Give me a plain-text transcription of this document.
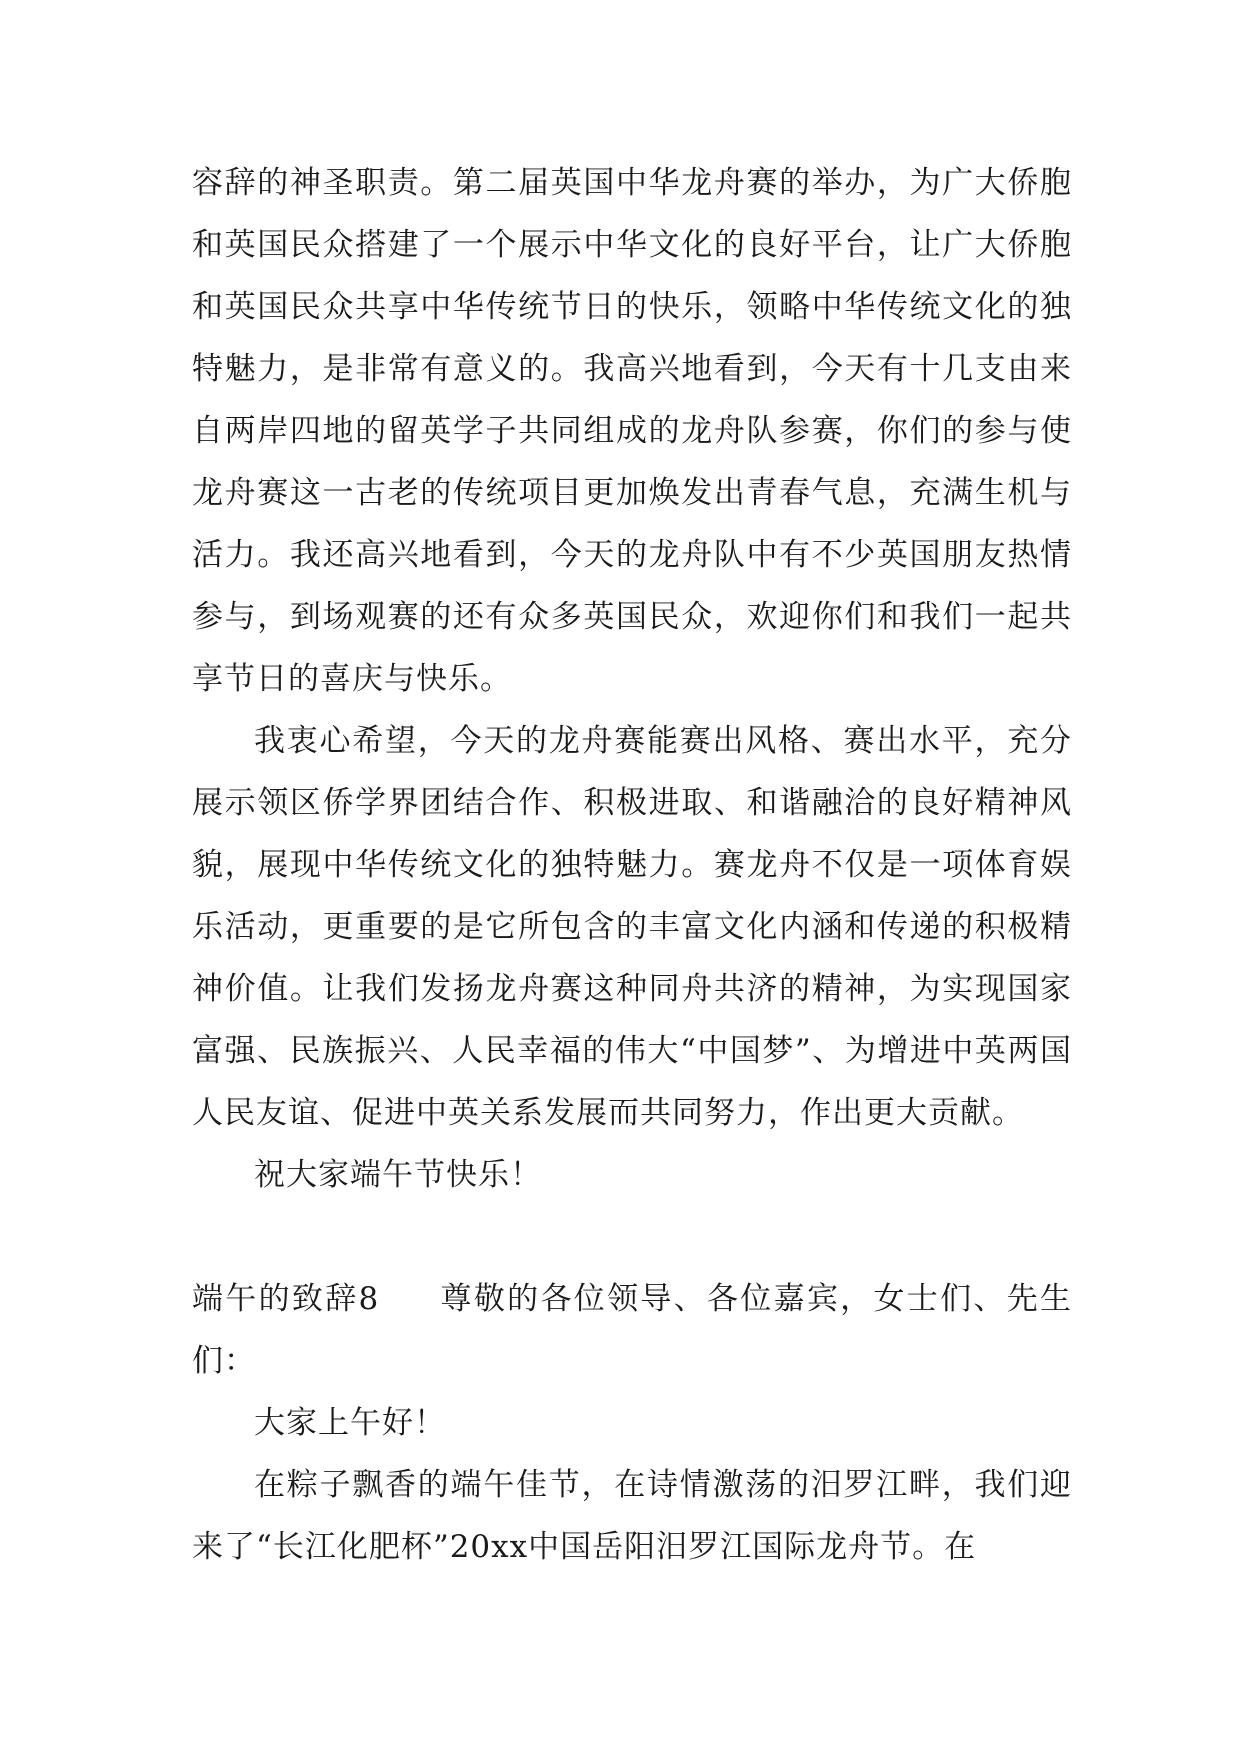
容辞的神圣职责。第二届英国中华龙舟赛的举办，为广大侨胞和英国民众搭建了一个展示中华文化的良好平台，让广大侨胞和英国民众共享中华传统节日的快乐，领略中华传统文化的独特魅力，是非常有意义的。我高兴地看到，今天有十几支由来自两岸四地的留英学子共同组成的龙舟队参赛，你们的参与使龙舟赛这一古老的传统项目更加焕发出青春气息，充满生机与活力。我还高兴地看到，今天的龙舟队中有不少英国朋友热情参与，到场观赛的还有众多英国民众，欢迎你们和我们一起共享节日的喜庆与快乐。

我衷心希望，今天的龙舟赛能赛出风格、赛出水平，充分展示领区侨学界团结合作、积极进取、和谐融洽的良好精神风貌，展现中华传统文化的独特魅力。赛龙舟不仅是一项体育娱乐活动，更重要的是它所包含的丰富文化内涵和传递的积极精神价值。让我们发扬龙舟赛这种同舟共济的精神，为实现国家富强、民族振兴、人民幸福的伟大“中国梦”、为增进中英两国人民友谊、促进中英关系发展而共同努力，作出更大贡献。

祝大家端午节快乐！

端午的致辞8 尊敬的各位领导、各位嘉宾，女士们、先生们：

大家上午好！

在粽子飘香的端午佳节，在诗情激荡的汨罗江畔，我们迎来了“长江化肥杯”20xx中国岳阳汨罗江国际龙舟节。在
